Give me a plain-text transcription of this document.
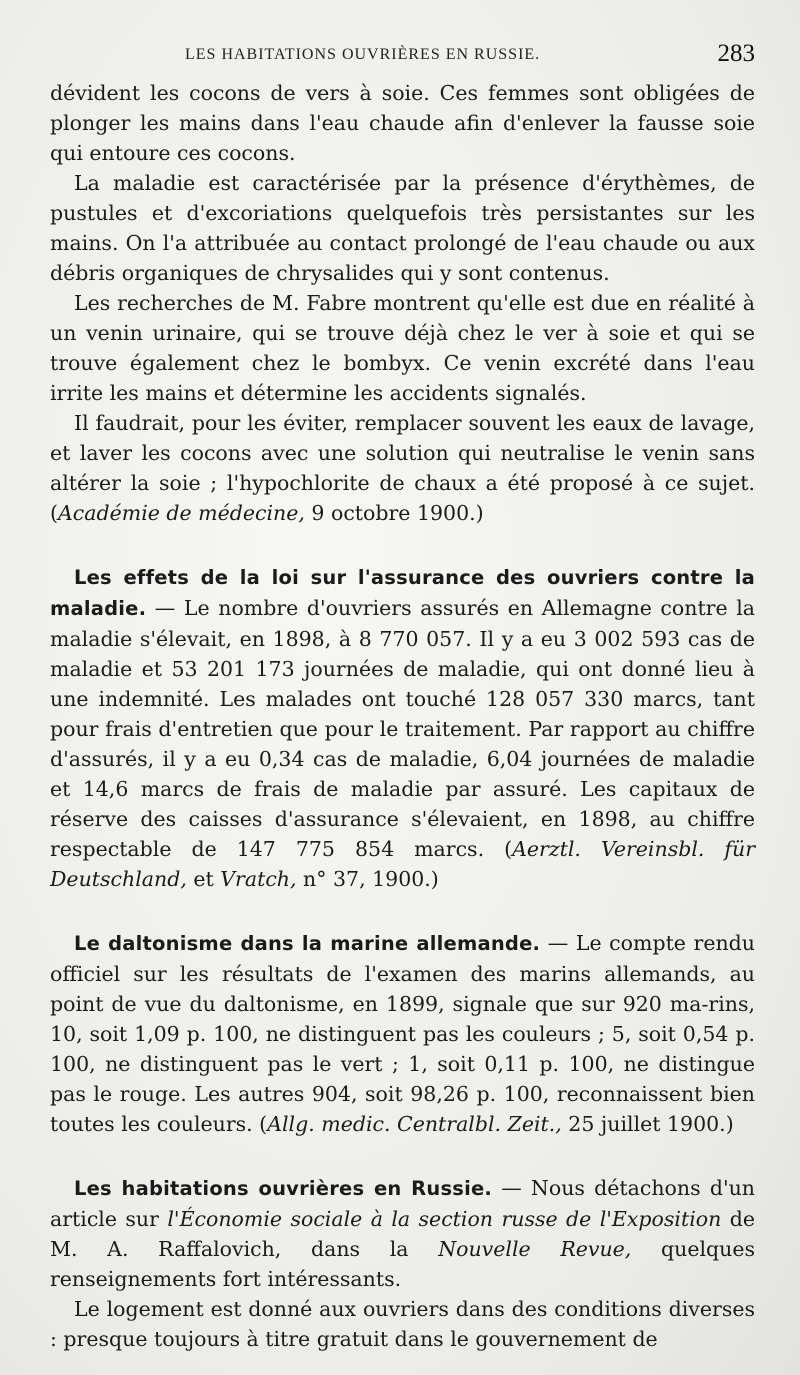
LES HABITATIONS OUVRIÈRES EN RUSSIE.	283

dévident les cocons de vers à soie. Ces femmes sont obligées de plonger les mains dans l'eau chaude afin d'enlever la fausse soie qui entoure ces cocons.

La maladie est caractérisée par la présence d'érythèmes, de pustules et d'excoriations quelquefois très persistantes sur les mains. On l'a attribuée au contact prolongé de l'eau chaude ou aux débris organiques de chrysalides qui y sont contenus.

Les recherches de M. Fabre montrent qu'elle est due en réalité à un venin urinaire, qui se trouve déjà chez le ver à soie et qui se trouve également chez le bombyx. Ce venin excrété dans l'eau irrite les mains et détermine les accidents signalés.

Il faudrait, pour les éviter, remplacer souvent les eaux de lavage, et laver les cocons avec une solution qui neutralise le venin sans altérer la soie ; l'hypochlorite de chaux a été proposé à ce sujet. (Académie de médecine, 9 octobre 1900.)

Les effets de la loi sur l'assurance des ouvriers contre la maladie. — Le nombre d'ouvriers assurés en Allemagne contre la maladie s'élevait, en 1898, à 8 770 057. Il y a eu 3 002 593 cas de maladie et 53 201 173 journées de maladie, qui ont donné lieu à une indemnité. Les malades ont touché 128 057 330 marcs, tant pour frais d'entretien que pour le traitement. Par rapport au chiffre d'assurés, il y a eu 0,34 cas de maladie, 6,04 journées de maladie et 14,6 marcs de frais de maladie par assuré. Les capitaux de réserve des caisses d'assurance s'élevaient, en 1898, au chiffre respectable de 147 775 854 marcs. (Aerztl. Vereinsbl. für Deutschland, et Vratch, n° 37, 1900.)

Le daltonisme dans la marine allemande. — Le compte rendu officiel sur les résultats de l'examen des marins allemands, au point de vue du daltonisme, en 1899, signale que sur 920 ma-rins, 10, soit 1,09 p. 100, ne distinguent pas les couleurs ; 5, soit 0,54 p. 100, ne distinguent pas le vert ; 1, soit 0,11 p. 100, ne distingue pas le rouge. Les autres 904, soit 98,26 p. 100, reconnaissent bien toutes les couleurs. (Allg. medic. Centralbl. Zeit., 25 juillet 1900.)

Les habitations ouvrières en Russie. — Nous détachons d'un article sur l'Économie sociale à la section russe de l'Exposition de M. A. Raffalovich, dans la Nouvelle Revue, quelques renseignements fort intéressants.

Le logement est donné aux ouvriers dans des conditions diverses : presque toujours à titre gratuit dans le gouvernement de
